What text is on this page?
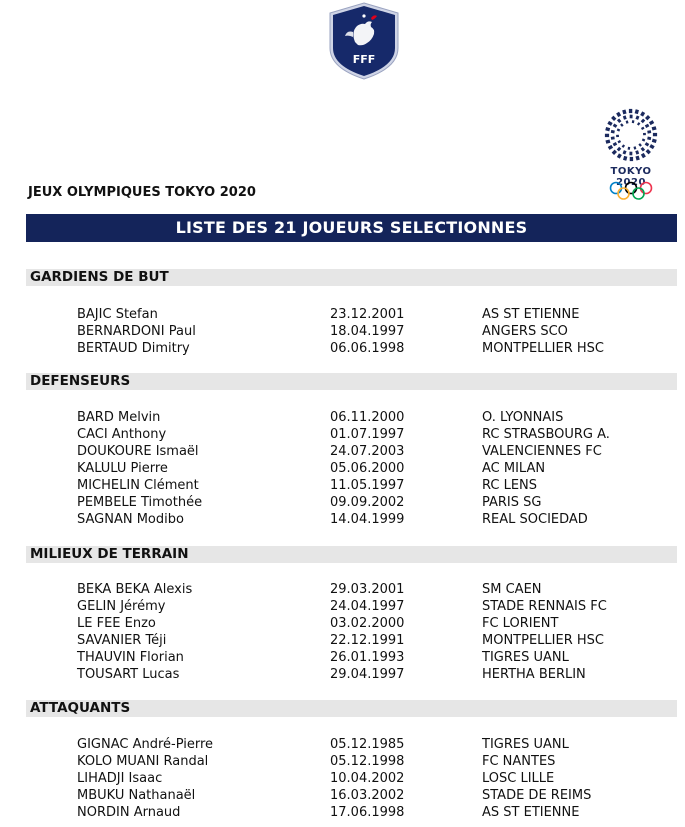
FFF
TOKYO 2020
JEUX OLYMPIQUES TOKYO 2020
LISTE DES 21 JOUEURS SELECTIONNES
GARDIENS DE BUT
DEFENSEURS
MILIEUX DE TERRAIN
ATTAQUANTS
BAJIC Stefan	23.12.2001	AS ST ETIENNE
BERNARDONI Paul	18.04.1997	ANGERS SCO
BERTAUD Dimitry	06.06.1998	MONTPELLIER HSC
BARD Melvin	06.11.2000	O. LYONNAIS
CACI Anthony	01.07.1997	RC STRASBOURG A.
DOUKOURE Ismaël	24.07.2003	VALENCIENNES FC
KALULU Pierre	05.06.2000	AC MILAN
MICHELIN Clément	11.05.1997	RC LENS
PEMBELE Timothée	09.09.2002	PARIS SG
SAGNAN Modibo	14.04.1999	REAL SOCIEDAD
BEKA BEKA Alexis	29.03.2001	SM CAEN
GELIN Jérémy	24.04.1997	STADE RENNAIS FC
LE FEE Enzo	03.02.2000	FC LORIENT
SAVANIER Téji	22.12.1991	MONTPELLIER HSC
THAUVIN Florian	26.01.1993	TIGRES UANL
TOUSART Lucas	29.04.1997	HERTHA BERLIN
GIGNAC André-Pierre	05.12.1985	TIGRES UANL
KOLO MUANI Randal	05.12.1998	FC NANTES
LIHADJI Isaac	10.04.2002	LOSC LILLE
MBUKU Nathanaël	16.03.2002	STADE DE REIMS
NORDIN Arnaud	17.06.1998	AS ST ETIENNE
